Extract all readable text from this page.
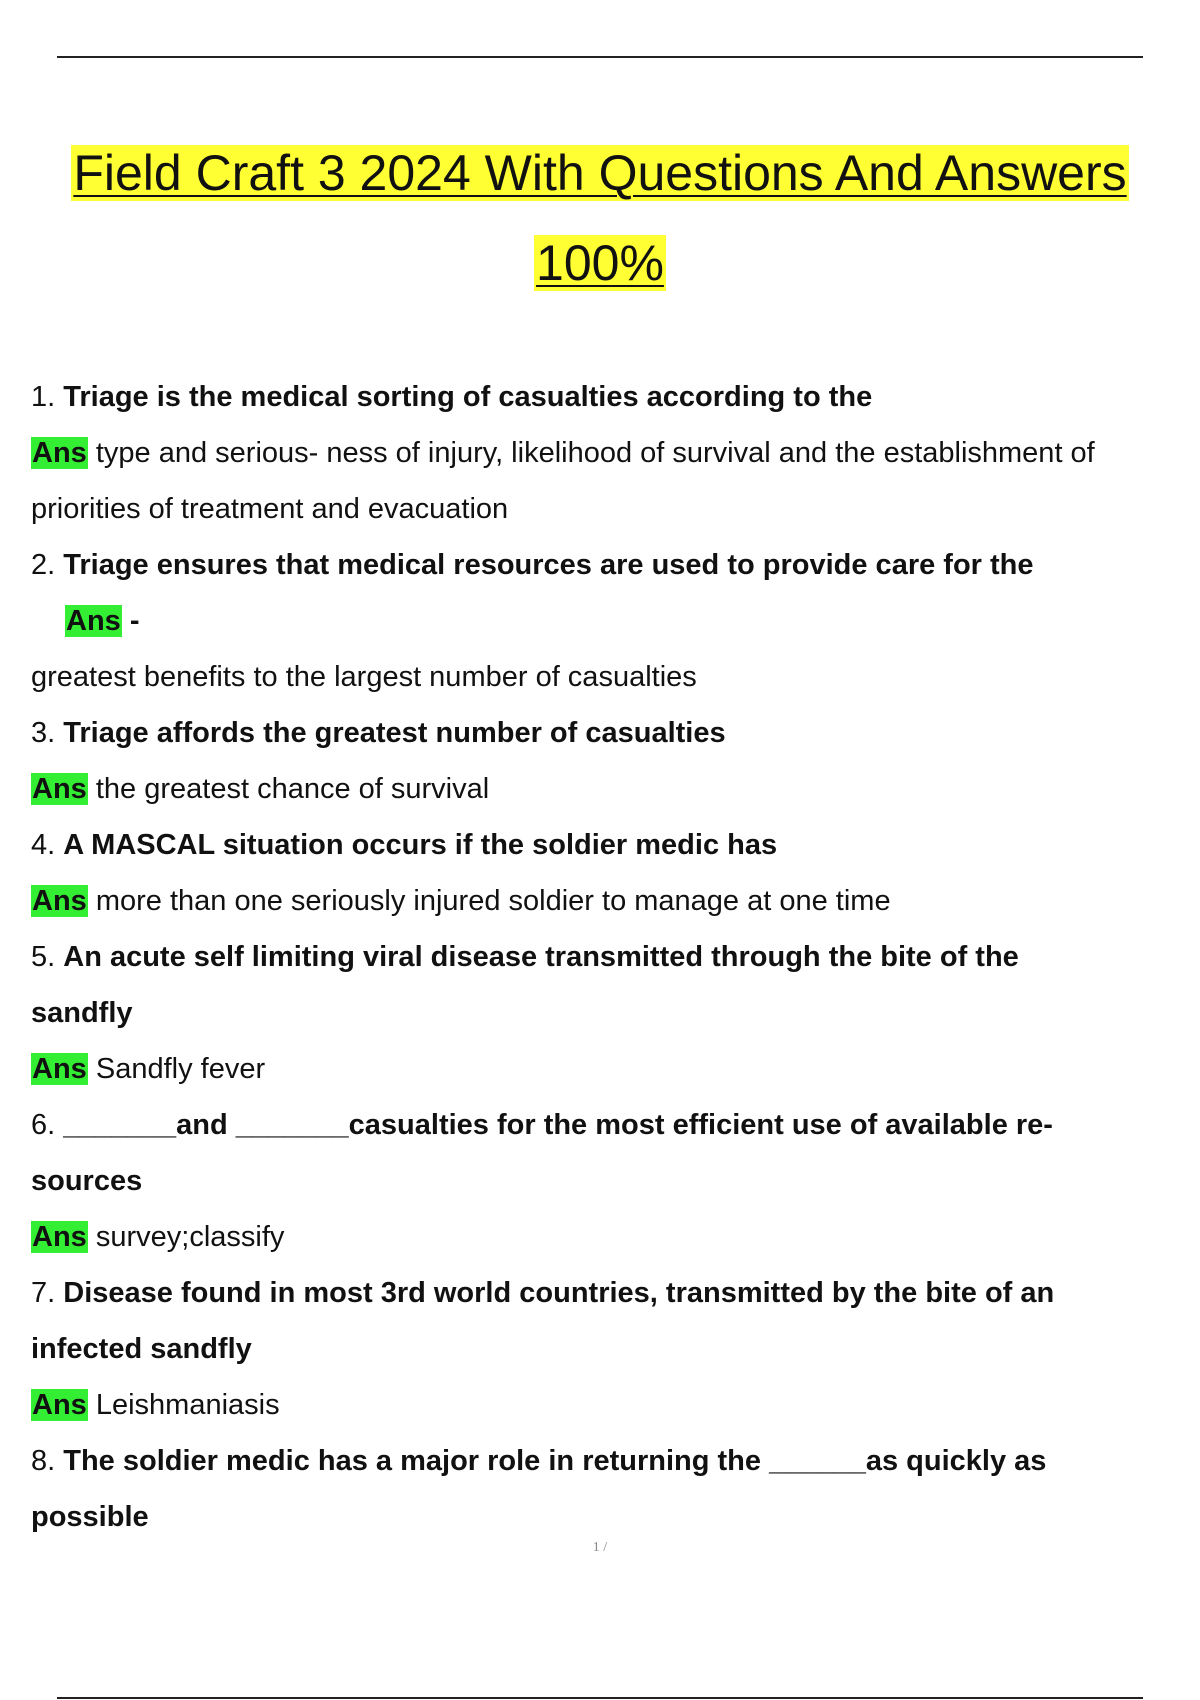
Field Craft 3 2024 With Questions And Answers
100%
1. Triage is the medical sorting of casualties according to the
Ans type and serious- ness of injury, likelihood of survival and the establishment of
priorities of treatment and evacuation
2. Triage ensures that medical resources are used to provide care for the
Ans -
greatest benefits to the largest number of casualties
3. Triage affords the greatest number of casualties
Ans the greatest chance of survival
4. A MASCAL situation occurs if the soldier medic has
Ans more than one seriously injured soldier to manage at one time
5. An acute self limiting viral disease transmitted through the bite of the
sandfly
Ans Sandfly fever
6. _______and _______casualties for the most efficient use of available re-
sources
Ans survey;classify
7. Disease found in most 3rd world countries, transmitted by the bite of an
infected sandfly
Ans Leishmaniasis
8. The soldier medic has a major role in returning the ______as quickly as
possible
1 /
